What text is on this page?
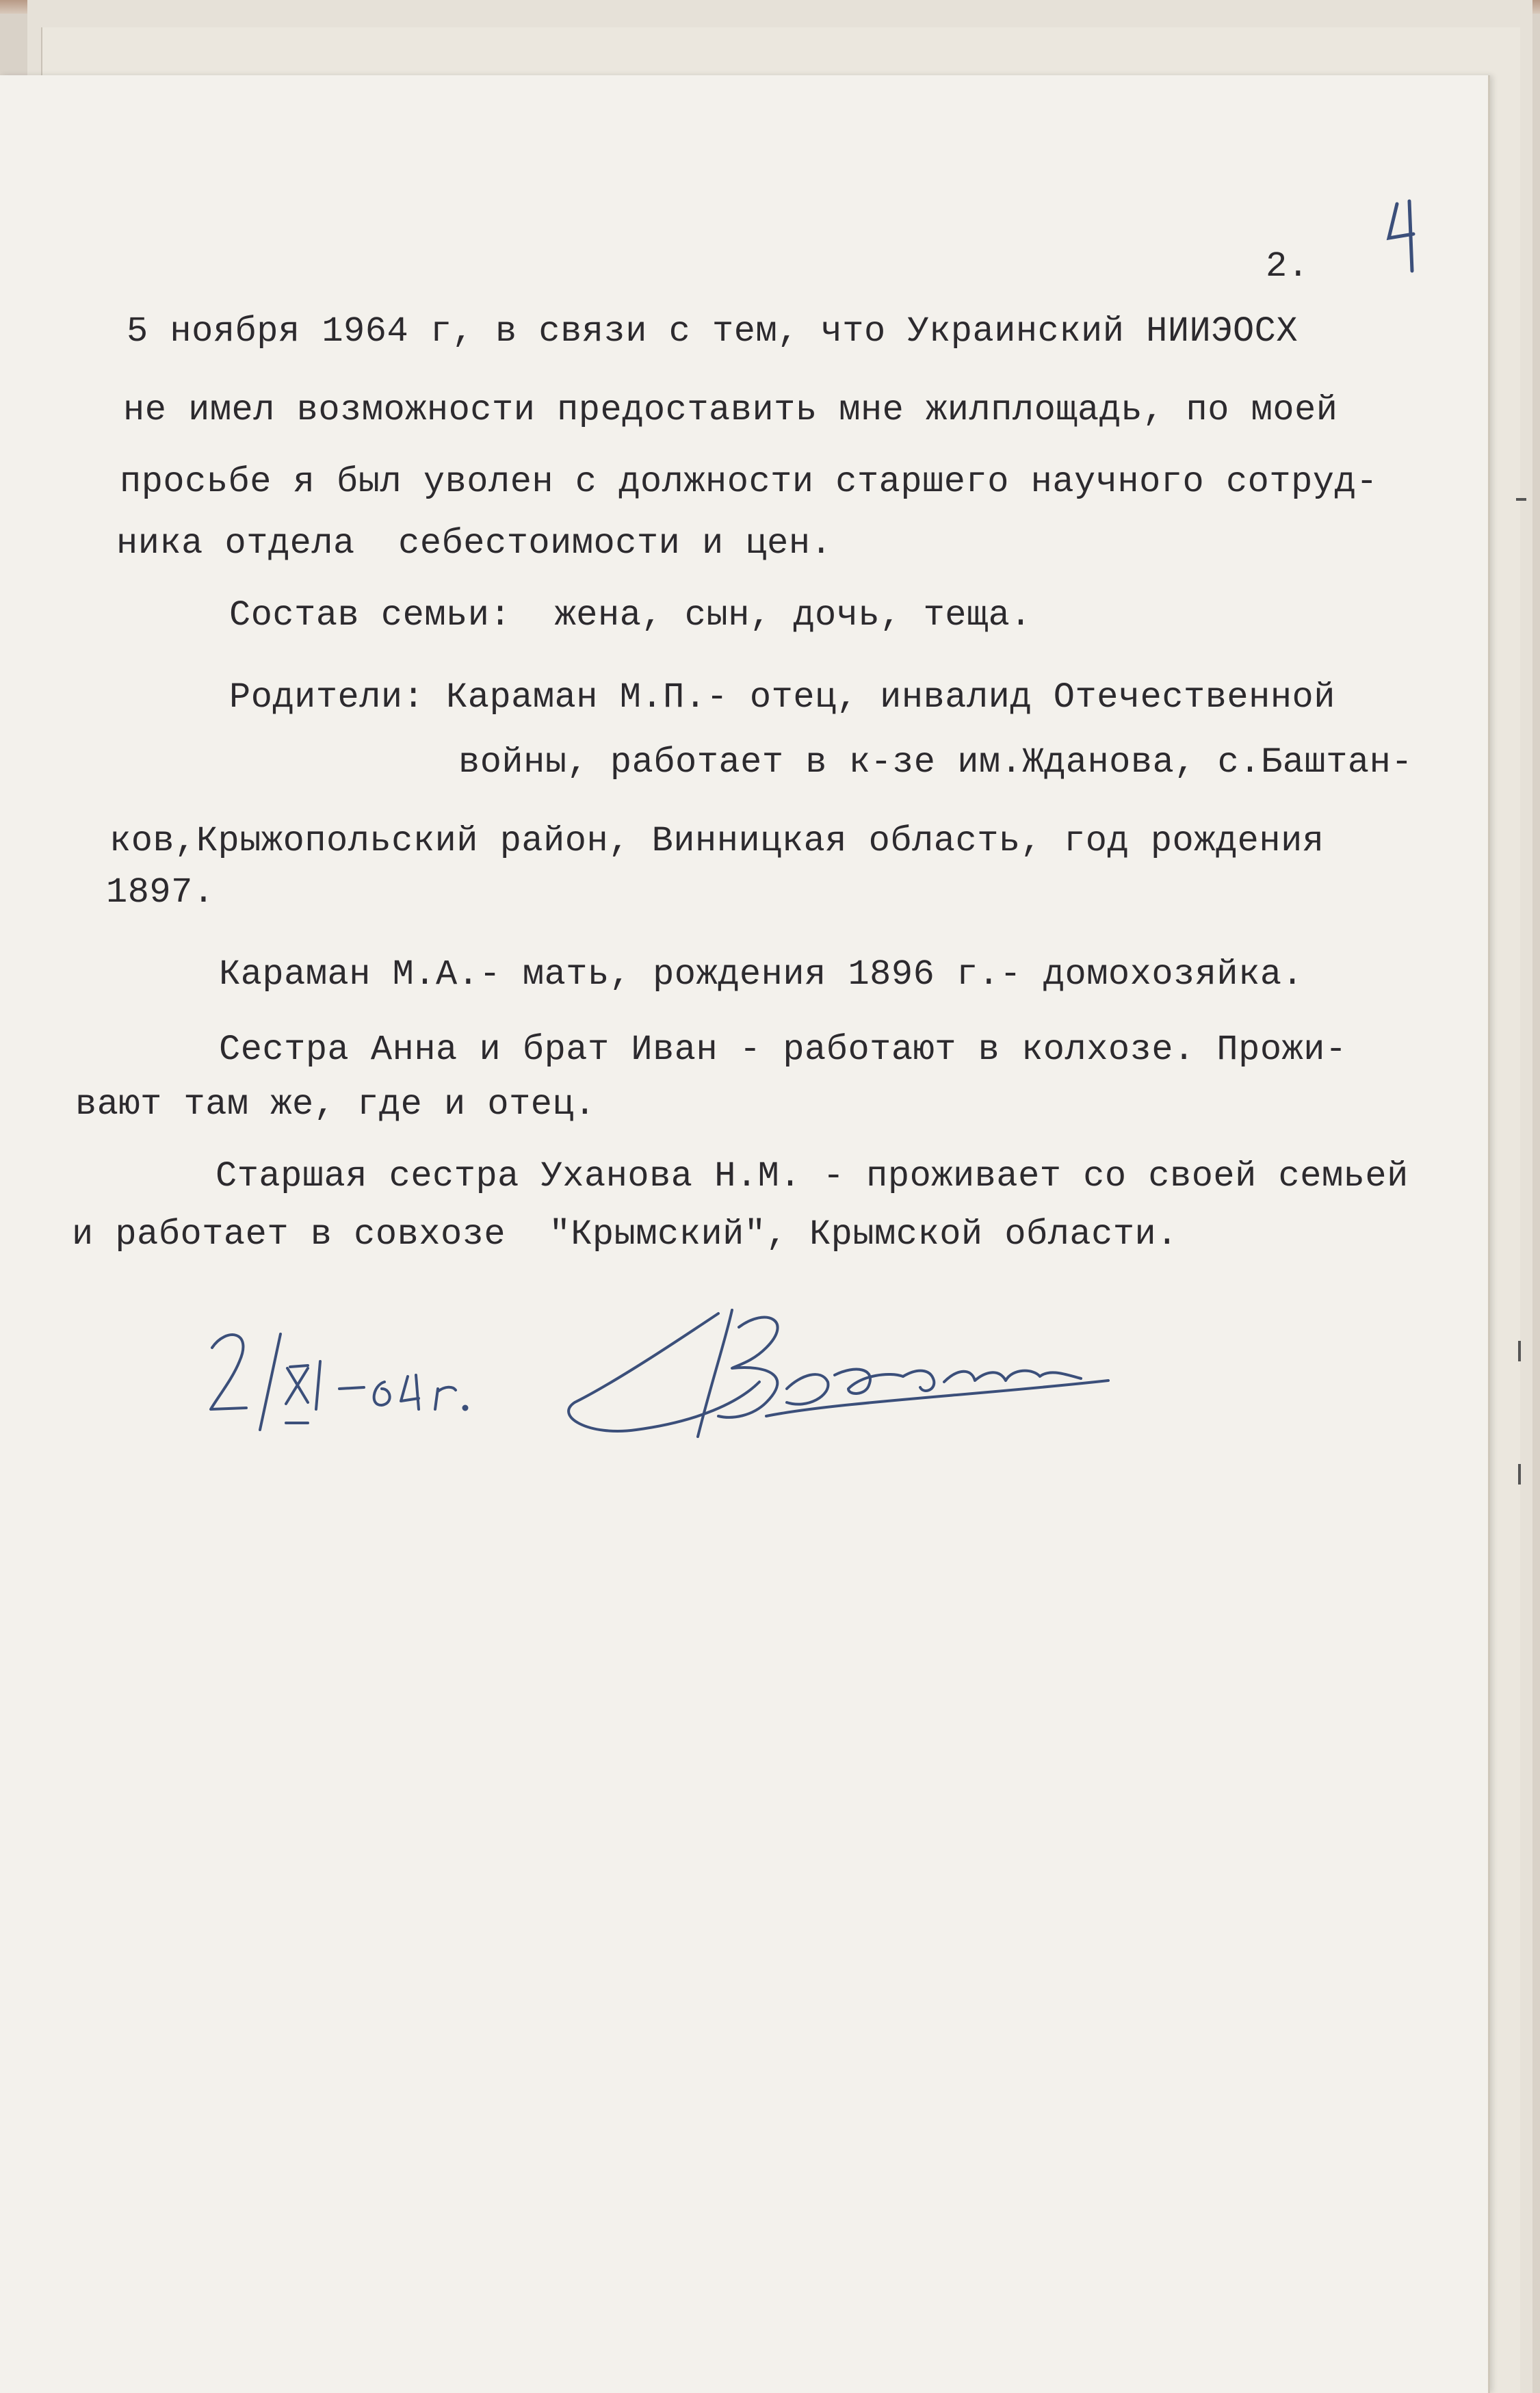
2.
5 ноября 1964 г, в связи с тем, что Украинский НИИЭОСХ
не имел возможности предоставить мне жилплощадь, по моей
просьбе я был уволен с должности старшего научного сотруд-
ника отдела  себестоимости и цен.
Состав семьи:  жена, сын, дочь, теща.
Родители: Караман М.П.- отец, инвалид Отечественной
войны, работает в к-зе им.Жданова, с.Баштан-
ков,Крыжопольский район, Винницкая область, год рождения
1897.
Караман М.А.- мать, рождения 1896 г.- домохозяйка.
Сестра Анна и брат Иван - работают в колхозе. Прожи-
вают там же, где и отец.
Старшая сестра Уханова Н.М. - проживает со своей семьей
и работает в совхозе  "Крымский", Крымской области.
